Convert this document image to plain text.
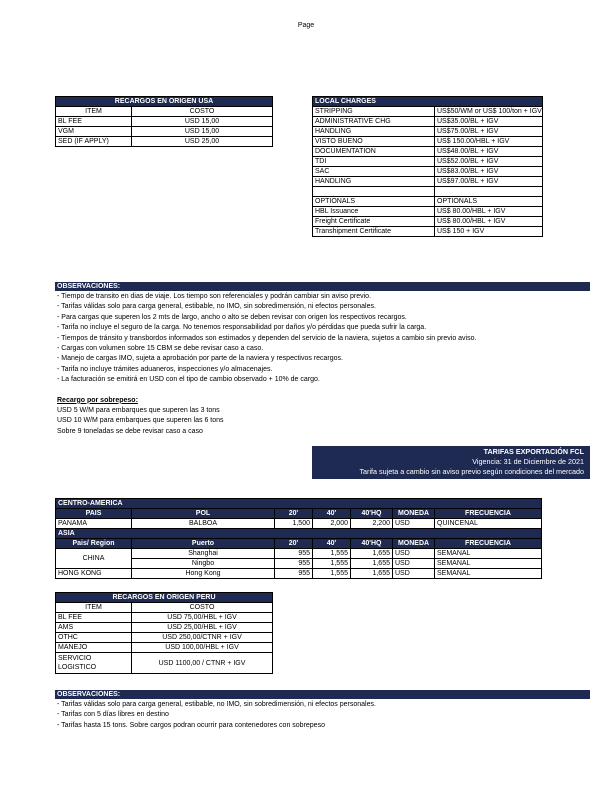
Page
RECARGOS EN ORIGEN USA	
ITEM	COSTO
BL FEE	USD 15,00
VGM	USD 15,00
SED (IF APPLY)	USD 25,00
LOCAL CHARGES	
STRIPPING	US$50/WM or US$ 100/ton + IGV
ADMINISTRATIVE CHG	US$35.00/BL + IGV
HANDLING	US$75.00/BL + IGV
VISTO BUENO	US$ 150.00/HBL + IGV
DOCUMENTATION	US$48.00/BL + IGV
TDI	US$52.00/BL + IGV
SAC	US$83.00/BL + IGV
HANDLING	US$97.00/BL + IGV

OPTIONALS	OPTIONALS
HBL Issuance	US$ 80.00/HBL + IGV
Freight Certificate	US$ 80.00/HBL + IGV
Transhipment Certificate	US$ 150 + IGV
OBSERVACIONES:
- Tiempo de transito en dias de viaje. Los tiempo son referenciales y podrán cambiar sin aviso previo.
- Tarifas válidas solo para carga general, estibable, no IMO, sin sobredimensión, ni efectos personales.
- Para cargas que superen los 2 mts de largo, ancho o alto se deben revisar con origen los respectivos recargos.
- Tarifa no incluye el seguro de la carga. No tenemos responsabilidad por daños y/o pérdidas que pueda sufrir la carga.
- Tiempos de tránsito y transbordos informados son estimados y dependen del servicio de la naviera, sujetos a cambio sin previo aviso.
- Cargas con volumen sobre 15 CBM se debe revisar caso a caso.
- Manejo de cargas IMO, sujeta a aprobación por parte de la naviera y respectivos recargos.
- Tarifa no incluye trámites aduaneros, inspecciones y/o almacenajes.
- La facturación se emitirá en USD con el tipo de cambio observado + 10% de cargo.
Recargo por sobrepeso:
USD 5 W/M para embarques que superen las 3 tons
USD 10 W/M para embarques que superen las 6 tons
Sobre 9 toneladas se debe revisar caso a caso
TARIFAS EXPORTACIÓN FCL
Vigencia: 31 de Diciembre de 2021
Tarifa sujeta a cambio sin aviso previo según condiciones del mercado
CENTRO-AMERICA						
PAIS	POL	20'	40'	40'HQ	MONEDA	FRECUENCIA
PANAMA	BALBOA	1,500	2,000	2,200	USD	QUINCENAL
ASIA						
Pais/ Region	Puerto	20'	40'	40'HQ	MONEDA	FRECUENCIA
CHINA	Shanghai	955	1,555	1,655	USD	SEMANAL
	Ningbo	955	1,555	1,655	USD	SEMANAL
HONG KONG	Hong Kong	955	1,555	1,655	USD	SEMANAL
RECARGOS EN ORIGEN PERU	
ITEM	COSTO
BL FEE	USD 75,00/HBL + IGV
AMS	USD 25,00/HBL + IGV
OTHC	USD 250,00/CTNR + IGV
MANEJO	USD 100,00/HBL + IGV

SERVICIO
LOGISTICO	USD 1100,00 / CTNR + IGV
OBSERVACIONES:
- Tarifas válidas solo para carga general, estibable, no IMO, sin sobredimensión, ni efectos personales.
- Tarifas con 5 días libres en destino
- Tarifas hasta 15 tons. Sobre cargos podran ocurrir para contenedores con sobrepeso
